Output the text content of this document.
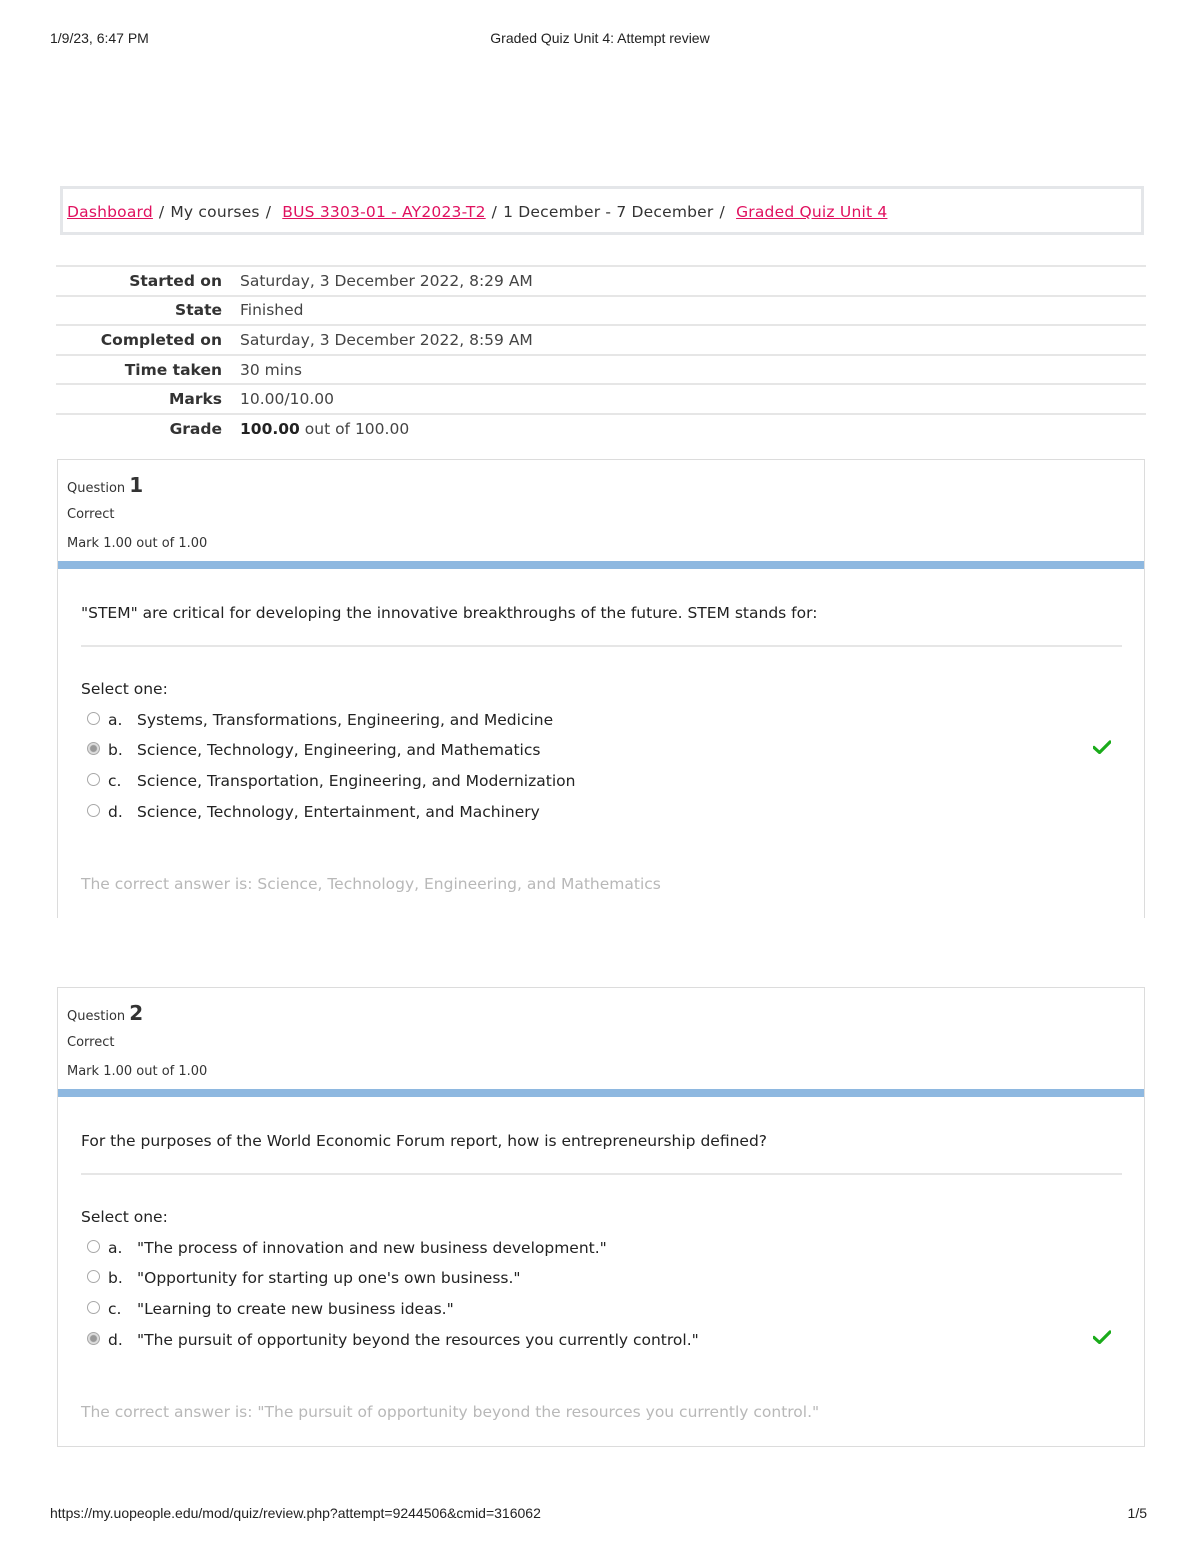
1/9/23, 6:47 PM	Graded Quiz Unit 4: Attempt review
Dashboard / My courses / BUS 3303-01 - AY2023-T2 / 1 December - 7 December / Graded Quiz Unit 4
Started on	Saturday, 3 December 2022, 8:29 AM
State	Finished
Completed on	Saturday, 3 December 2022, 8:59 AM
Time taken	30 mins
Marks	10.00/10.00
Grade	100.00 out of 100.00
Question 1
Correct
Mark 1.00 out of 1.00
"STEM" are critical for developing the innovative breakthroughs of the future. STEM stands for:
Select one:
a. Systems, Transformations, Engineering, and Medicine
b. Science, Technology, Engineering, and Mathematics
c. Science, Transportation, Engineering, and Modernization
d. Science, Technology, Entertainment, and Machinery
The correct answer is: Science, Technology, Engineering, and Mathematics
Question 2
Correct
Mark 1.00 out of 1.00
For the purposes of the World Economic Forum report, how is entrepreneurship defined?
Select one:
a. "The process of innovation and new business development."
b. "Opportunity for starting up one's own business."
c. "Learning to create new business ideas."
d. "The pursuit of opportunity beyond the resources you currently control."
The correct answer is: "The pursuit of opportunity beyond the resources you currently control."
https://my.uopeople.edu/mod/quiz/review.php?attempt=9244506&cmid=316062	1/5
